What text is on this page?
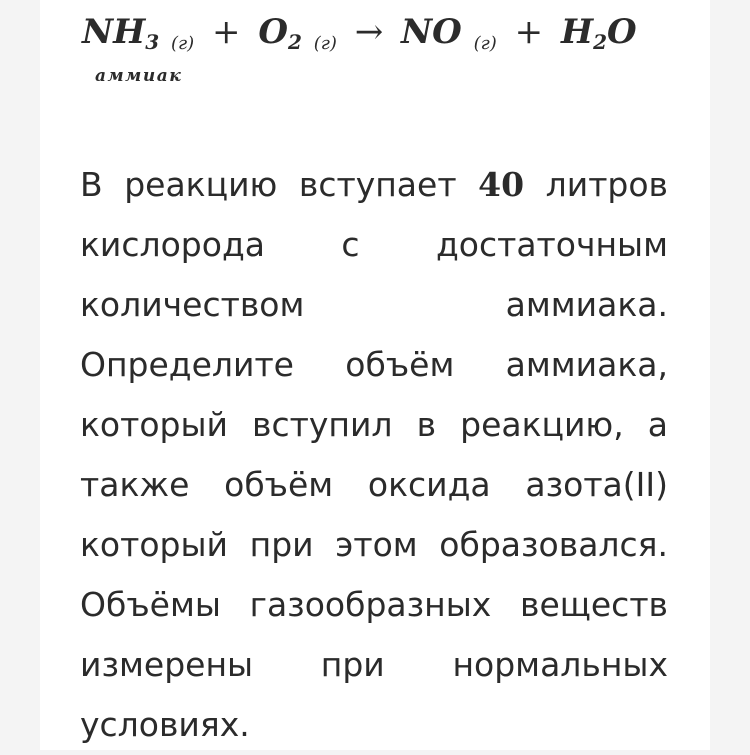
$NH_3$ $(г) + O_2$ (г) → NO $(г) + H_2O$
аммиак
В реакцию вступает 40 литров кислорода с достаточным количеством аммиака. Определите объём аммиака, который вступил в реакцию, а также объём оксида азота(II) который при этом образовался. Объёмы газообразных веществ измерены при нормальных условиях.
